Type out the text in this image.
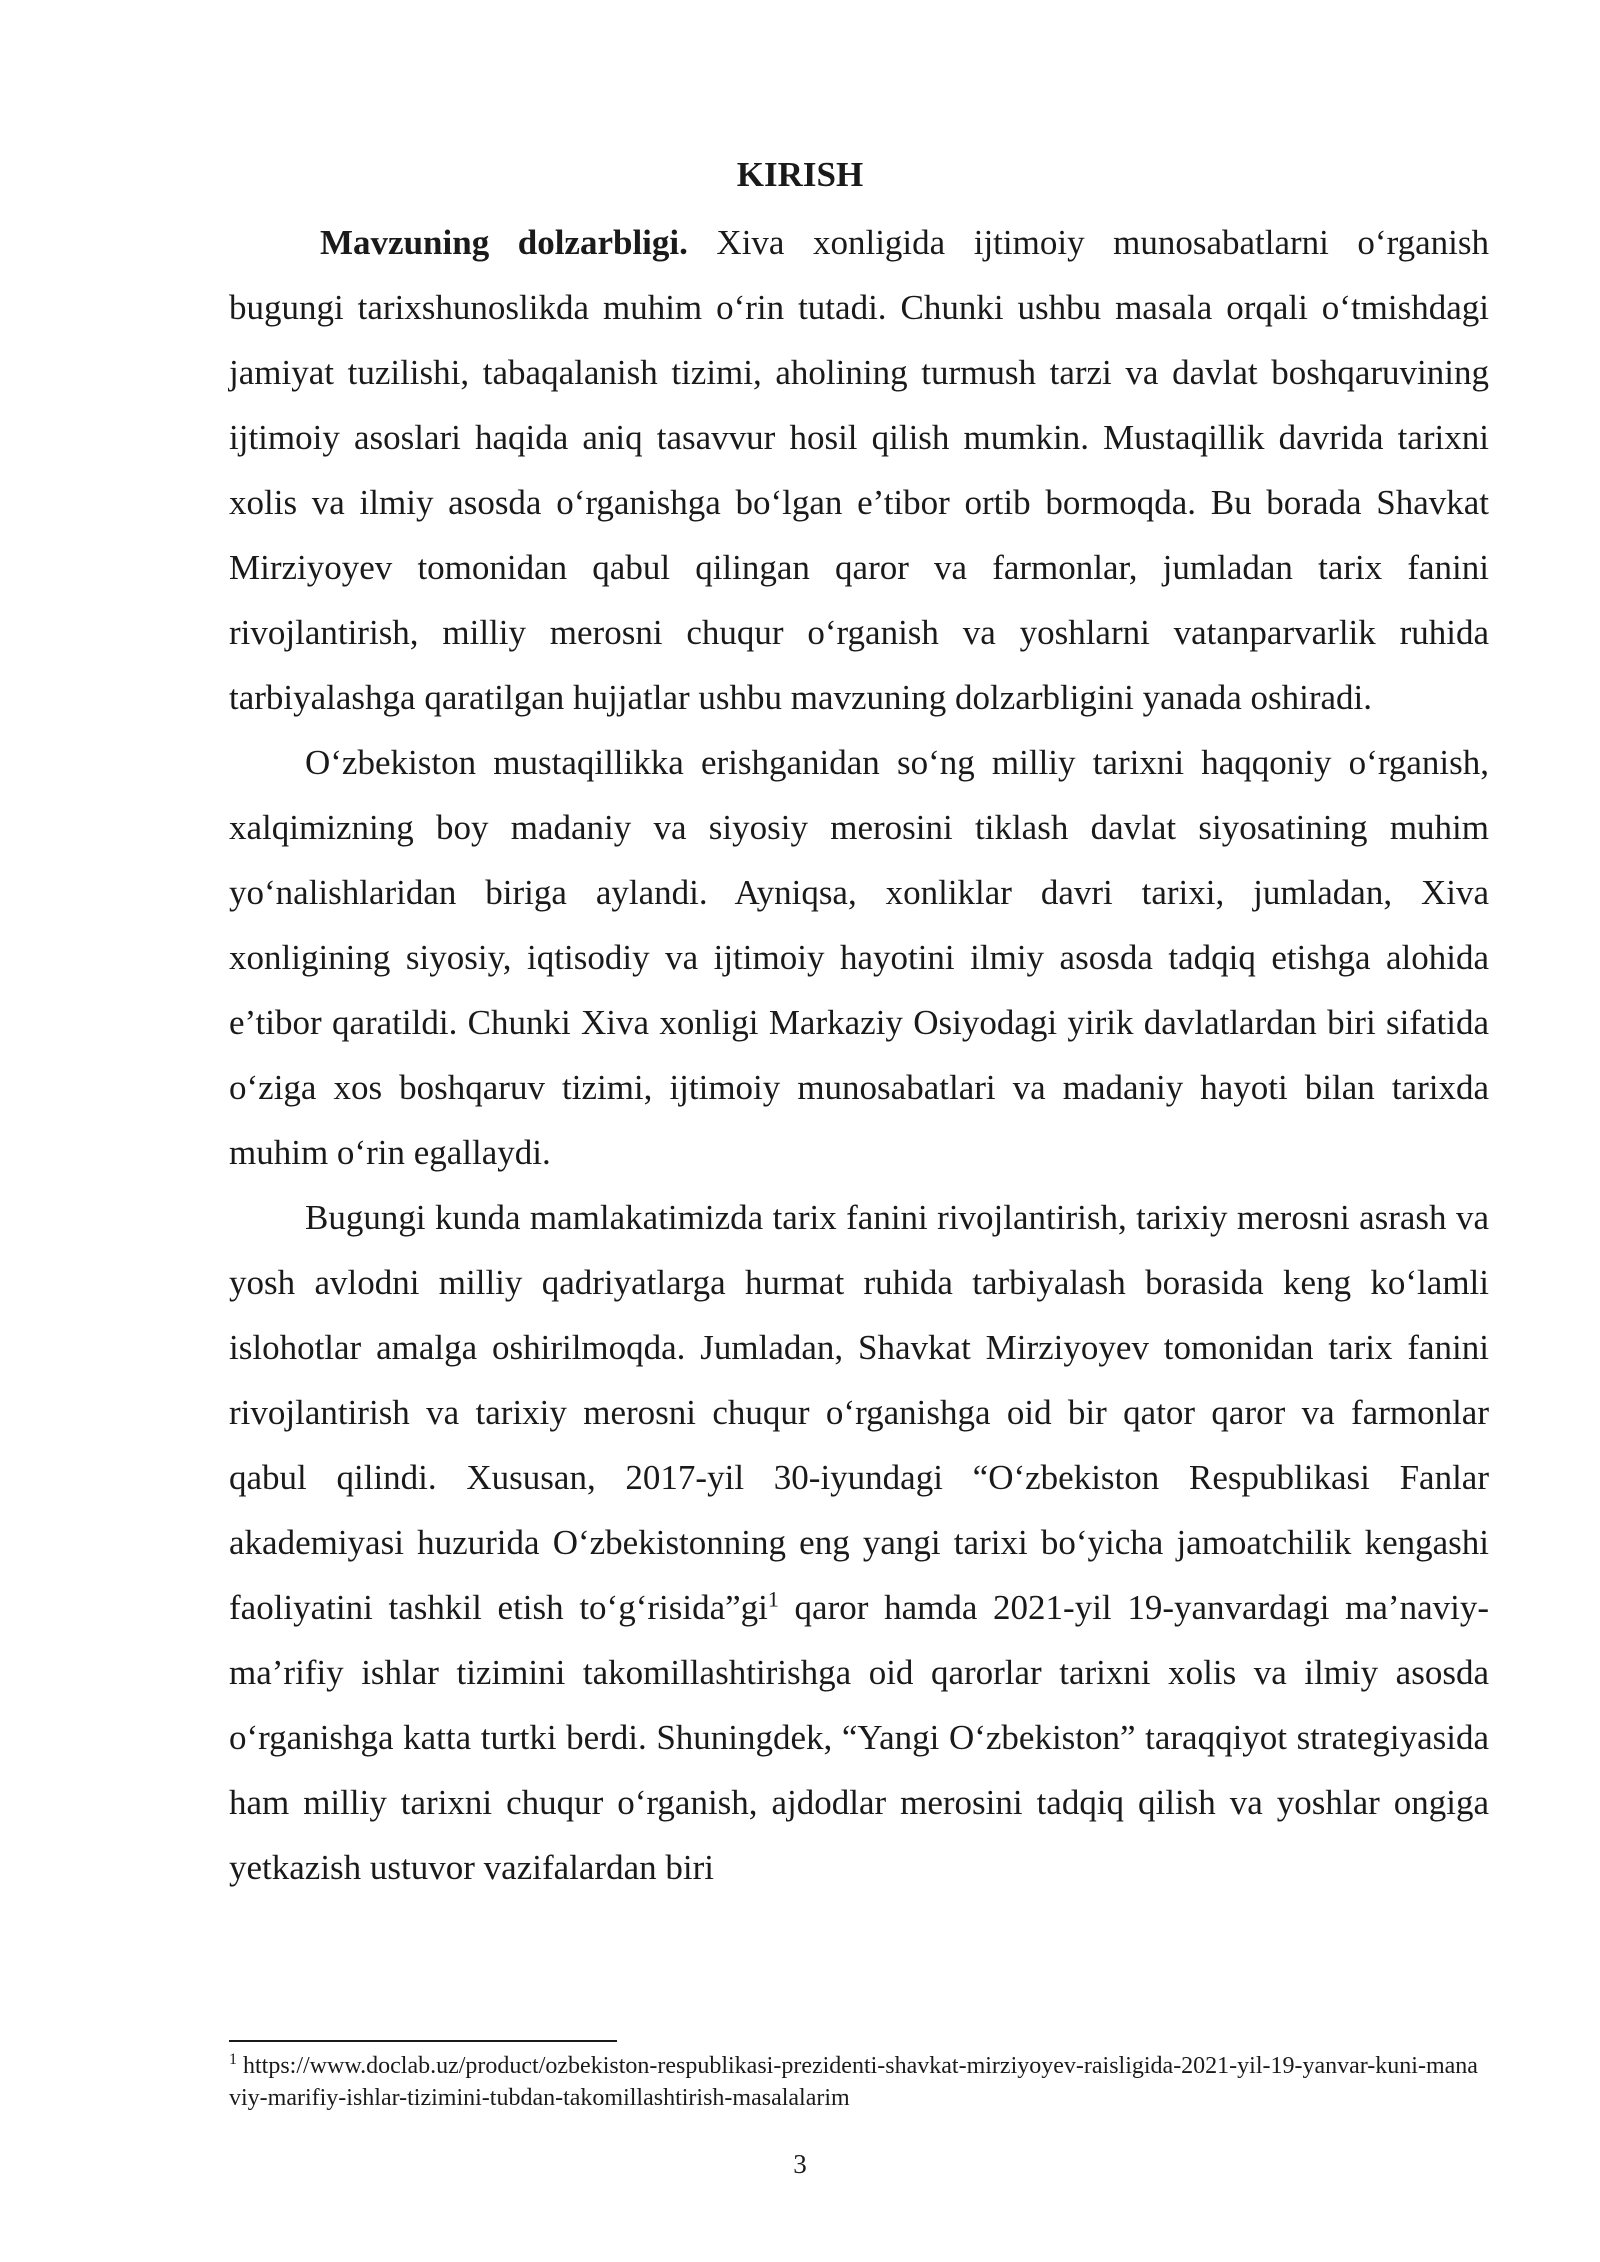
KIRISH

Mavzuning dolzarbligi. Xiva xonligida ijtimoiy munosabatlarni o‘rganish bugungi tarixshunoslikda muhim o‘rin tutadi. Chunki ushbu masala orqali o‘tmishdagi jamiyat tuzilishi, tabaqalanish tizimi, aholining turmush tarzi va davlat boshqaruvining ijtimoiy asoslari haqida aniq tasavvur hosil qilish mumkin. Mustaqillik davrida tarixni xolis va ilmiy asosda o‘rganishga bo‘lgan e’tibor ortib bormoqda. Bu borada Shavkat Mirziyoyev tomonidan qabul qilingan qaror va farmonlar, jumladan tarix fanini rivojlantirish, milliy merosni chuqur o‘rganish va yoshlarni vatanparvarlik ruhida tarbiyalashga qaratilgan hujjatlar ushbu mavzuning dolzarbligini yanada oshiradi.

O‘zbekiston mustaqillikka erishganidan so‘ng milliy tarixni haqqoniy o‘rganish, xalqimizning boy madaniy va siyosiy merosini tiklash davlat siyosatining muhim yo‘nalishlaridan biriga aylandi. Ayniqsa, xonliklar davri tarixi, jumladan, Xiva xonligining siyosiy, iqtisodiy va ijtimoiy hayotini ilmiy asosda tadqiq etishga alohida e’tibor qaratildi. Chunki Xiva xonligi Markaziy Osiyodagi yirik davlatlardan biri sifatida o‘ziga xos boshqaruv tizimi, ijtimoiy munosabatlari va madaniy hayoti bilan tarixda muhim o‘rin egallaydi.

Bugungi kunda mamlakatimizda tarix fanini rivojlantirish, tarixiy merosni asrash va yosh avlodni milliy qadriyatlarga hurmat ruhida tarbiyalash borasida keng ko‘lamli islohotlar amalga oshirilmoqda. Jumladan, Shavkat Mirziyoyev tomonidan tarix fanini rivojlantirish va tarixiy merosni chuqur o‘rganishga oid bir qator qaror va farmonlar qabul qilindi. Xususan, 2017-yil 30-iyundagi “O‘zbekiston Respublikasi Fanlar akademiyasi huzurida O‘zbekistonning eng yangi tarixi bo‘yicha jamoatchilik kengashi faoliyatini tashkil etish $to‘g‘risida”gi^1$ qaror hamda 2021-yil 19-yanvardagi ma’naviy-ma’rifiy ishlar tizimini takomillashtirishga oid qarorlar tarixni xolis va ilmiy asosda o‘rganishga katta turtki berdi. Shuningdek, “Yangi O‘zbekiston” taraqqiyot strategiyasida ham milliy tarixni chuqur o‘rganish, ajdodlar merosini tadqiq qilish va yoshlar ongiga yetkazish ustuvor vazifalardan biri

$^1$ https://www.doclab.uz/product/ozbekiston-respublikasi-prezidenti-shavkat-mirziyoyev-raisligida-2021-yil-19-yanvar-kuni-manaviy-marifiy-ishlar-tizimini-tubdan-takomillashtirish-masalalarim
3
